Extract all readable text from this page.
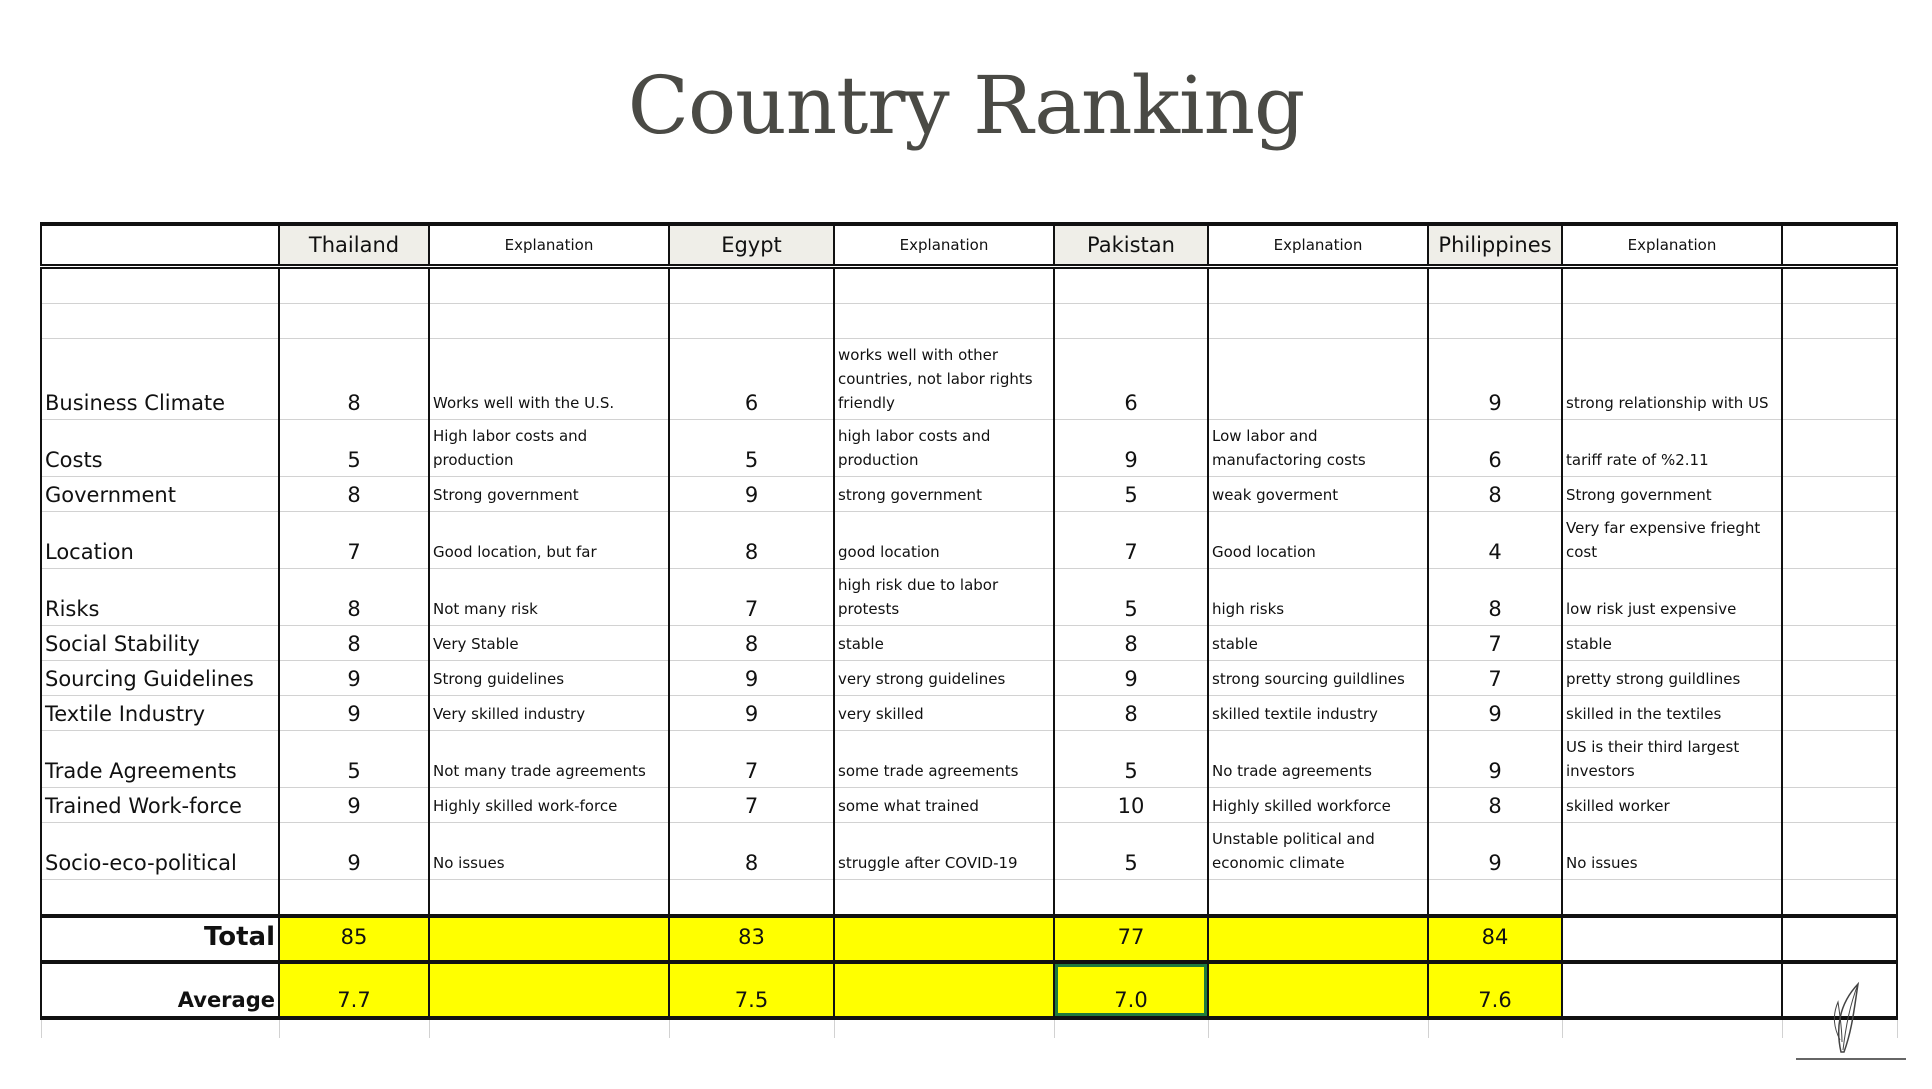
Country Ranking
	Thailand	Explanation	Egypt	Explanation	Pakistan	Explanation	Philippines	Explanation	

Business Climate	8	Works well with the U.S.	6	works well with other countries, not labor rights friendly	6		9	strong relationship with US	
Costs	5	High labor costs and production	5	high labor costs and production	9	Low labor and manufactoring costs	6	tariff rate of %2.11	
Government	8	Strong government	9	strong government	5	weak goverment	8	Strong government	
Location	7	Good location, but far	8	good location	7	Good location	4	Very far expensive frieght cost	
Risks	8	Not many risk	7	high risk due to labor protests	5	high risks	8	low risk just expensive	
Social Stability	8	Very Stable	8	stable	8	stable	7	stable	
Sourcing Guidelines	9	Strong guidelines	9	very strong guidelines	9	strong sourcing guildlines	7	pretty strong guildlines	
Textile Industry	9	Very skilled industry	9	very skilled	8	skilled textile industry	9	skilled in the textiles	
Trade Agreements	5	Not many trade agreements	7	some trade agreements	5	No trade agreements	9	US is their third largest investors	
Trained Work-force	9	Highly skilled work-force	7	some what trained	10	Highly skilled workforce	8	skilled worker	
Socio-eco-political	9	No issues	8	struggle after COVID-19	5	Unstable political and economic climate	9	No issues	

Total	85		83		77		84		
Average	7.7		7.5		7.0		7.6		
